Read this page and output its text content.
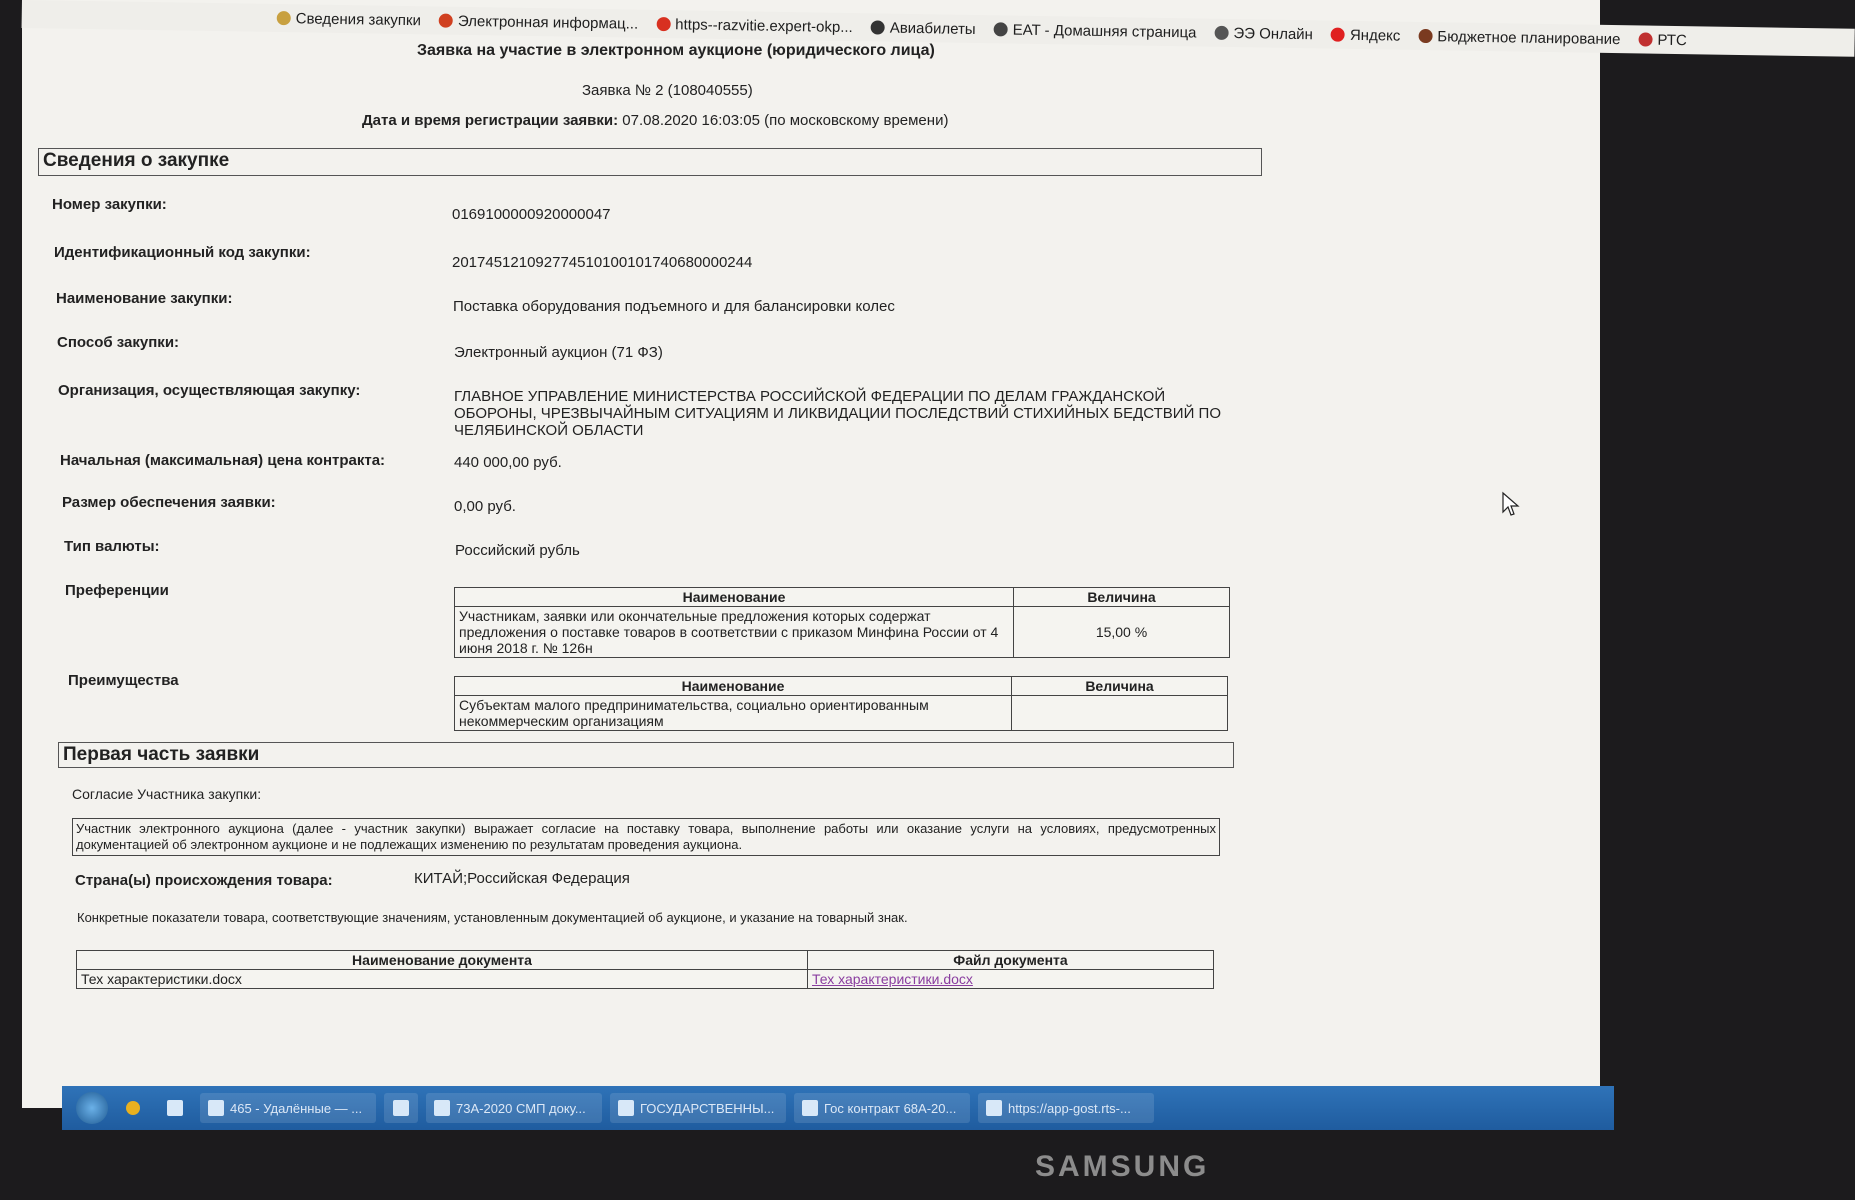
Сведения закупки Электронная информац... https--razvitie.expert-okp... Авиабилеты EAT - Домашняя страница ЭЭ Онлайн Яндекс Бюджетное планирование РТС
Заявка на участие в электронном аукционе (юридического лица)
Заявка № 2 (108040555)
Дата и время регистрации заявки: 07.08.2020 16:03:05 (по московскому времени)
Сведения о закупке
Номер закупки:
0169100000920000047
Идентификационный код закупки:
201745121092774510100101740680000244
Наименование закупки:	Поставка оборудования подъемного и для балансировки колес
Способ закупки:
Электронный аукцион (71 ФЗ)
Организация, осуществляющая закупку:	ГЛАВНОЕ УПРАВЛЕНИЕ МИНИСТЕРСТВА РОССИЙСКОЙ ФЕДЕРАЦИИ ПО ДЕЛАМ ГРАЖДАНСКОЙ ОБОРОНЫ, ЧРЕЗВЫЧАЙНЫМ СИТУАЦИЯМ И ЛИКВИДАЦИИ ПОСЛЕДСТВИЙ СТИХИЙНЫХ БЕДСТВИЙ ПО ЧЕЛЯБИНСКОЙ ОБЛАСТИ
Начальная (максимальная) цена контракта:	440 000,00 руб.
Размер обеспечения заявки:	0,00 руб.
Тип валюты:	Российский рубль
Преференции	Наименование	Величина
Участникам, заявки или окончательные предложения которых содержат предложения о поставке товаров в соответствии с приказом Минфина России от 4 июня 2018 г. № 126н	15,00 %
Преимущества	Наименование	Величина
Субъектам малого предпринимательства, социально ориентированным некоммерческим организациям	
Первая часть заявки
Согласие Участника закупки:
Участник электронного аукциона (далее - участник закупки) выражает согласие на поставку товара, выполнение работы или оказание услуги на условиях, предусмотренных документацией об электронном аукционе и не подлежащих изменению по результатам проведения аукциона.
Страна(ы) происхождения товара:	КИТАЙ;Российская Федерация
Конкретные показатели товара, соответствующие значениям, установленным документацией об аукционе, и указание на товарный знак.
Наименование документа	Файл документа
Тех характеристики.docx	Тех характеристики.docx
465 - Удалённые — ...	73А-2020 СМП доку...	ГОСУДАРСТВЕННЫ...	Гос контракт 68А-20...	https://app-gost.rts-...
SAMSUNG
